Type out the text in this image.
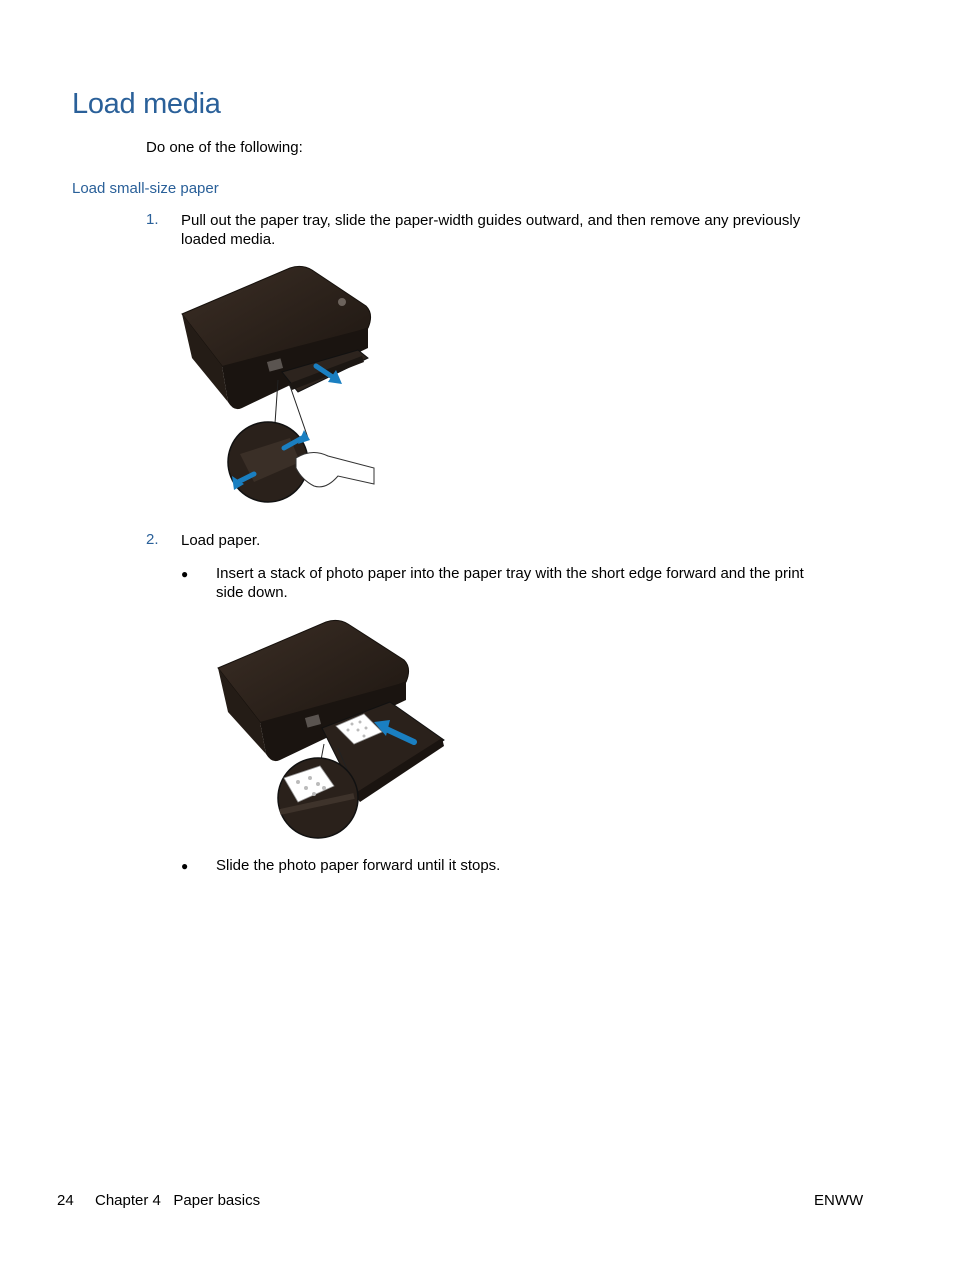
Load media
Do one of the following:
Load small-size paper
1. Pull out the paper tray, slide the paper-width guides outward, and then remove any previously
loaded media.
2. Load paper.
● Insert a stack of photo paper into the paper tray with the short edge forward and the print
side down.
● Slide the photo paper forward until it stops.
24 Chapter 4   Paper basics	ENWW
